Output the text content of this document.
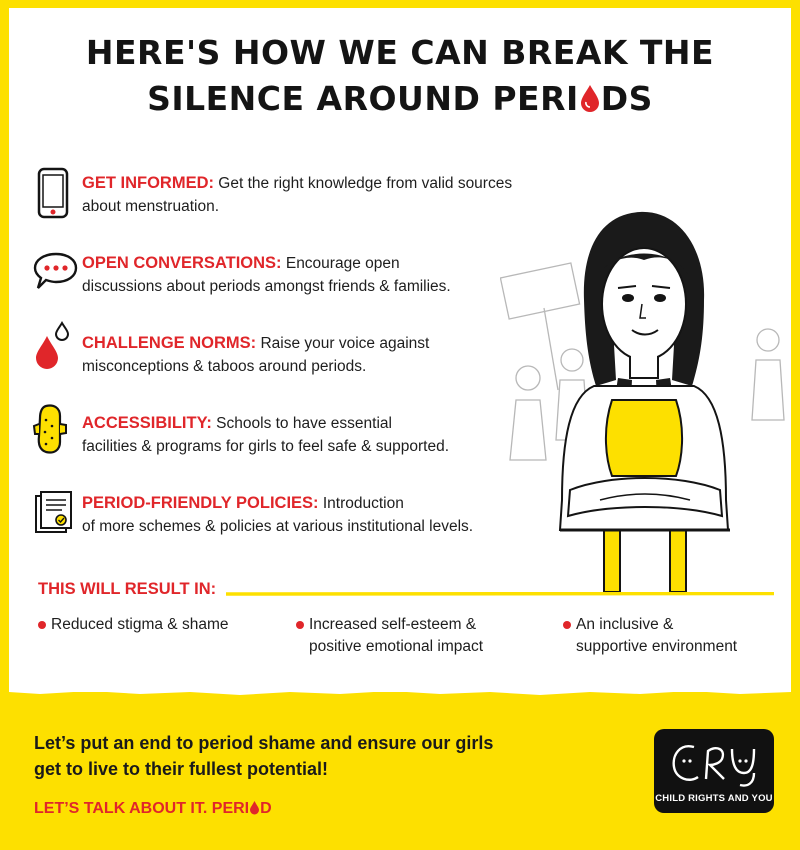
HERE'S HOW WE CAN BREAK THE
SILENCE AROUND PERI DS
GET INFORMED: Get the right knowledge from valid sources
about menstruation.
OPEN CONVERSATIONS: Encourage open
discussions about periods amongst friends & families.
CHALLENGE NORMS: Raise your voice against
misconceptions & taboos around periods.
ACCESSIBILITY: Schools to have essential
facilities & programs for girls to feel safe & supported.
PERIOD-FRIENDLY POLICIES: Introduction
of more schemes & policies at various institutional levels.
THIS WILL RESULT IN:
Reduced stigma & shame	Increased self-esteem &
positive emotional impact
An inclusive &
supportive environment
Let’s put an end to period shame and ensure our girls
get to live to their fullest potential!
LET’S TALK ABOUT IT. PERI D
CHILD RIGHTS AND YOU
